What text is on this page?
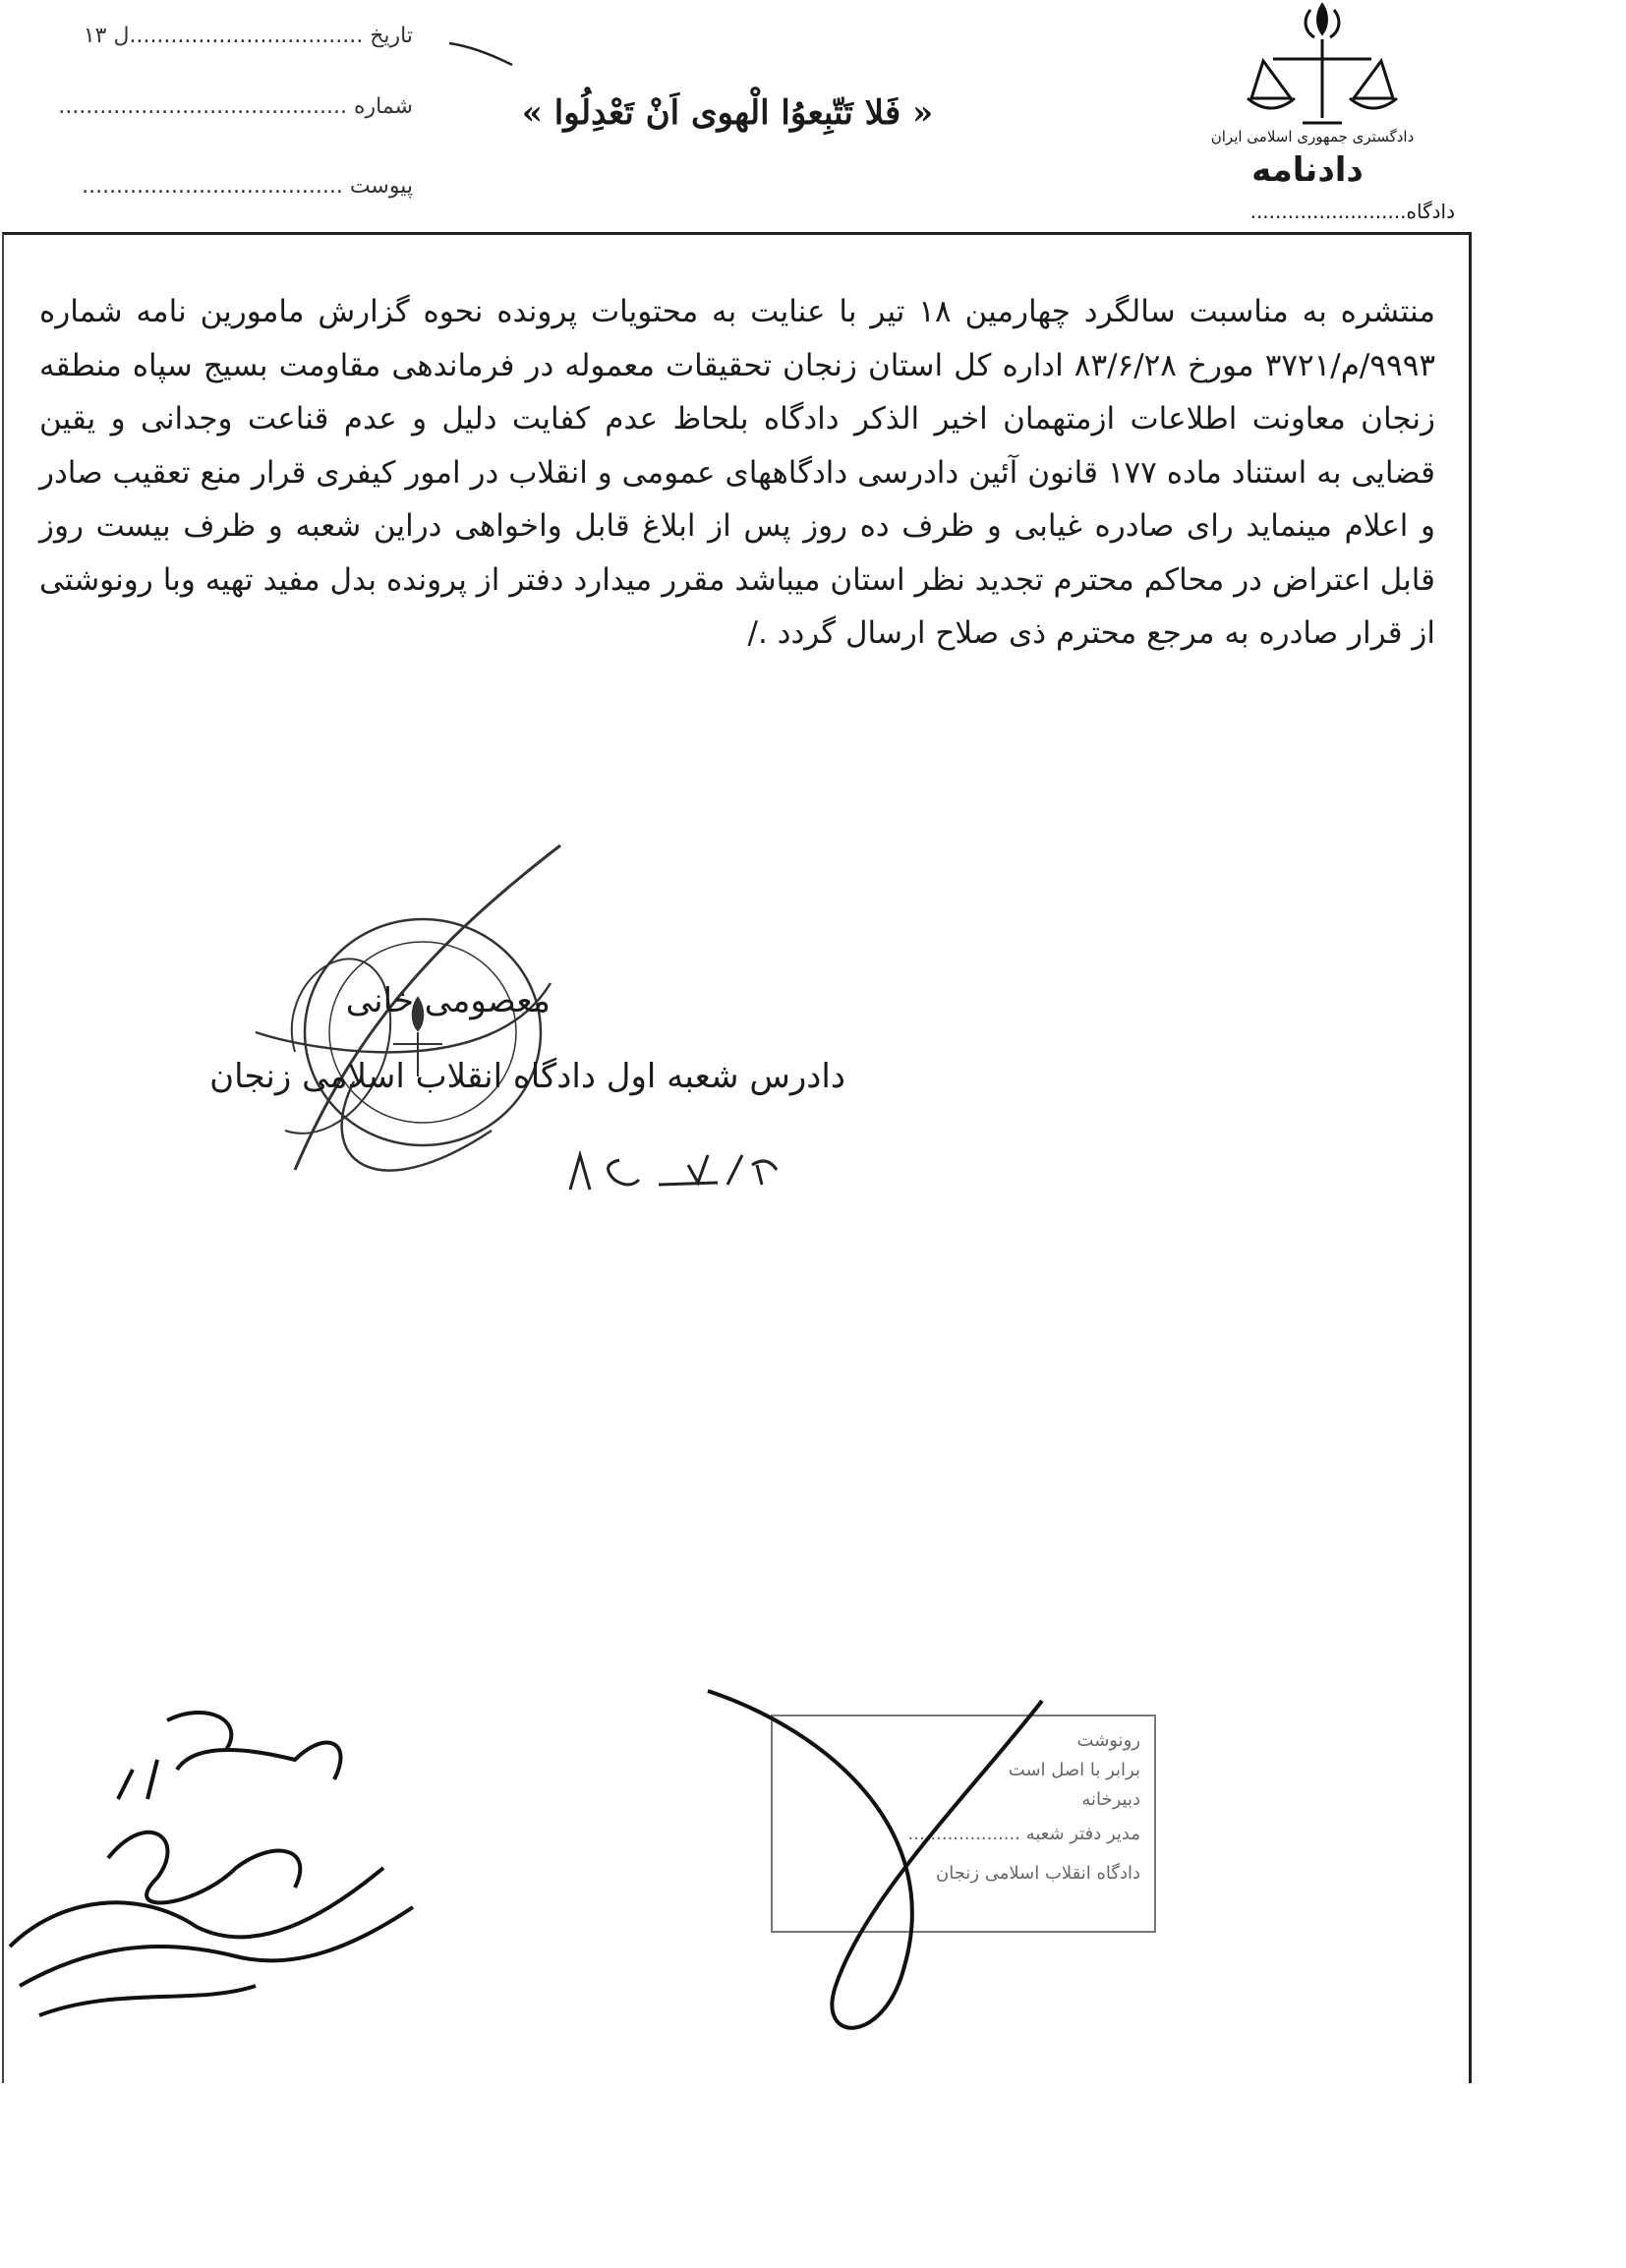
دادگستری جمهوری اسلامی ایران
دادنامه
دادگاه.........................
« فَلا تَتّبِعوُا الْهوی اَنْ تَعْدِلُوا »
تاریخ ..................................ل ۱۳
شماره ..........................................
پیوست ......................................
منتشره به مناسبت سالگرد چهارمین ۱۸ تیر با عنایت به محتویات پرونده نحوه گزارش مامورین نامه شماره ۹۹۹۳/م/۳۷۲۱ مورخ ۸۳/۶/۲۸ اداره کل استان زنجان تحقیقات معموله در فرماندهی مقاومت بسیج سپاه منطقه زنجان معاونت اطلاعات ازمتهمان اخیر الذکر دادگاه بلحاظ عدم کفایت دلیل و عدم قناعت وجدانی و یقین قضایی به استناد ماده ۱۷۷ قانون آئین دادرسی دادگاههای عمومی و انقلاب در امور کیفری قرار منع تعقیب صادر و اعلام مینماید رای صادره غیابی و ظرف ده روز پس از ابلاغ قابل واخواهی دراین شعبه و ظرف بیست روز قابل اعتراض در محاکم محترم تجدید نظر استان میباشد مقرر میدارد دفتر از پرونده بدل مفید تهیه وبا رونوشتی از قرار صادره به مرجع محترم ذی صلاح ارسال گردد ./
معصومی خانی
دادرس شعبه اول دادگاه انقلاب اسلامی زنجان
رونوشت
برابر با اصل است
دبیرخانه
مدیر دفتر شعبه ....................
دادگاه انقلاب اسلامی زنجان
